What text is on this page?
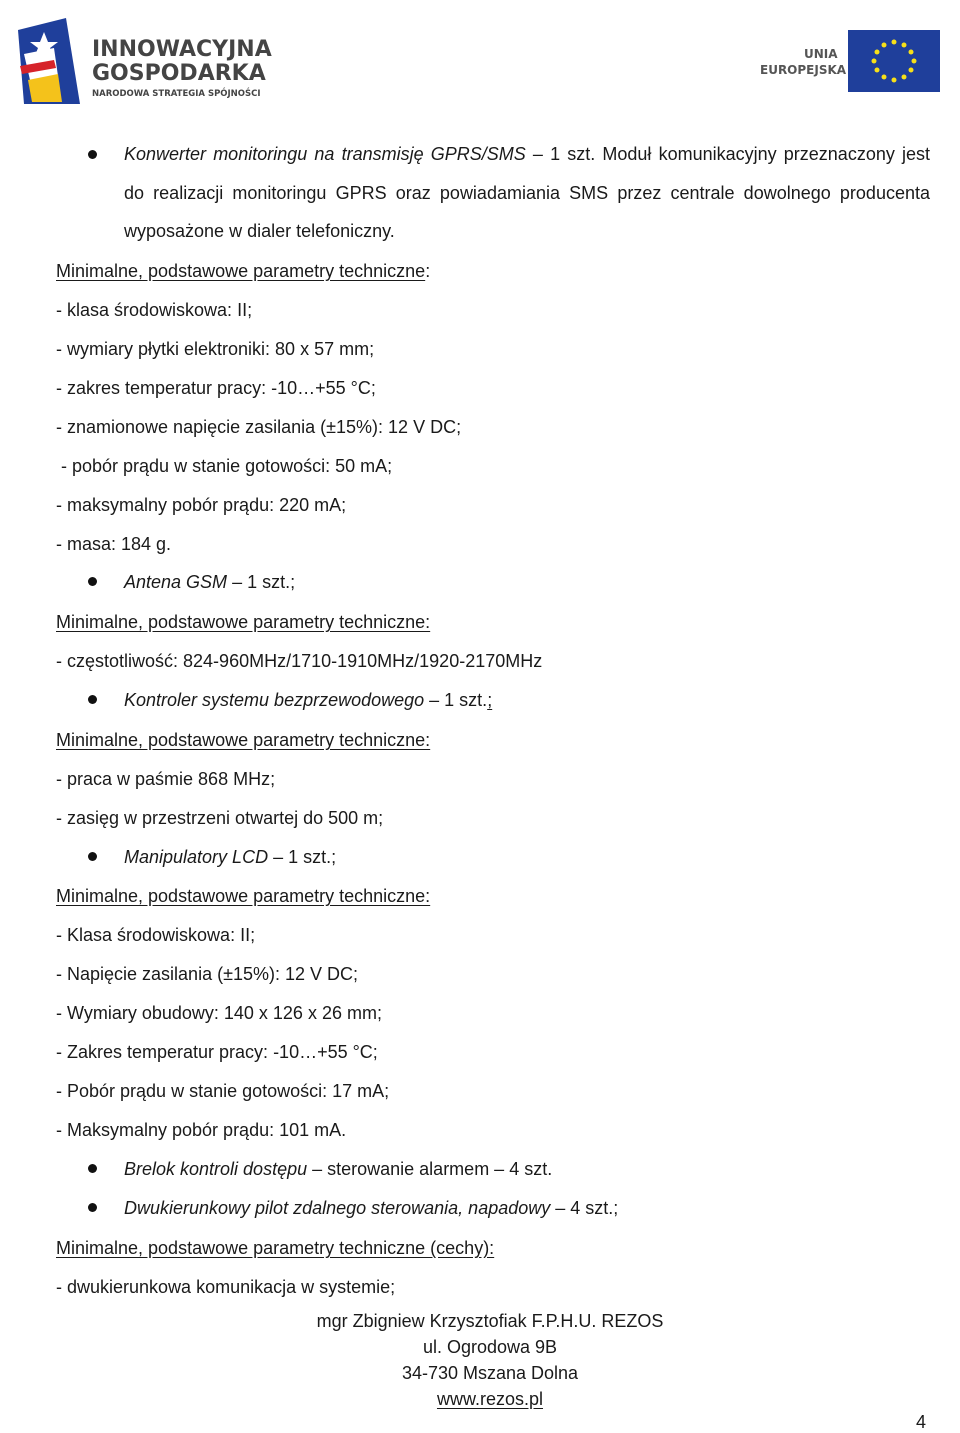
INNOWACYJNA
GOSPODARKA
NARODOWA STRATEGIA SPÓJNOŚCI
UNIA
EUROPEJSKA
Konwerter monitoringu na transmisję GPRS/SMS – 1 szt. Moduł komunikacyjny przeznaczony jest do realizacji monitoringu GPRS oraz powiadamiania SMS przez centrale dowolnego producenta wyposażone w dialer telefoniczny.
Minimalne, podstawowe parametry techniczne:
- klasa środowiskowa: II;
- wymiary płytki elektroniki: 80 x 57 mm;
- zakres temperatur pracy: -10…+55 °C;
- znamionowe napięcie zasilania (±15%): 12 V DC;
- pobór prądu w stanie gotowości: 50 mA;
- maksymalny pobór prądu: 220 mA;
- masa: 184 g.
Antena GSM – 1 szt.;
Minimalne, podstawowe parametry techniczne:
- częstotliwość: 824-960MHz/1710-1910MHz/1920-2170MHz
Kontroler systemu bezprzewodowego – 1 szt.;
Minimalne, podstawowe parametry techniczne:
- praca w paśmie 868 MHz;
- zasięg w przestrzeni otwartej do 500 m;
Manipulatory LCD – 1 szt.;
Minimalne, podstawowe parametry techniczne:
- Klasa środowiskowa: II;
- Napięcie zasilania (±15%): 12 V DC;
- Wymiary obudowy: 140 x 126 x 26 mm;
- Zakres temperatur pracy: -10…+55 °C;
- Pobór prądu w stanie gotowości: 17 mA;
- Maksymalny pobór prądu: 101 mA.
Brelok kontroli dostępu – sterowanie alarmem – 4 szt.
Dwukierunkowy pilot zdalnego sterowania, napadowy – 4 szt.;
Minimalne, podstawowe parametry techniczne (cechy):
- dwukierunkowa komunikacja w systemie;
mgr Zbigniew Krzysztofiak F.P.H.U. REZOS
ul. Ogrodowa 9B
34-730 Mszana Dolna
www.rezos.pl
4
